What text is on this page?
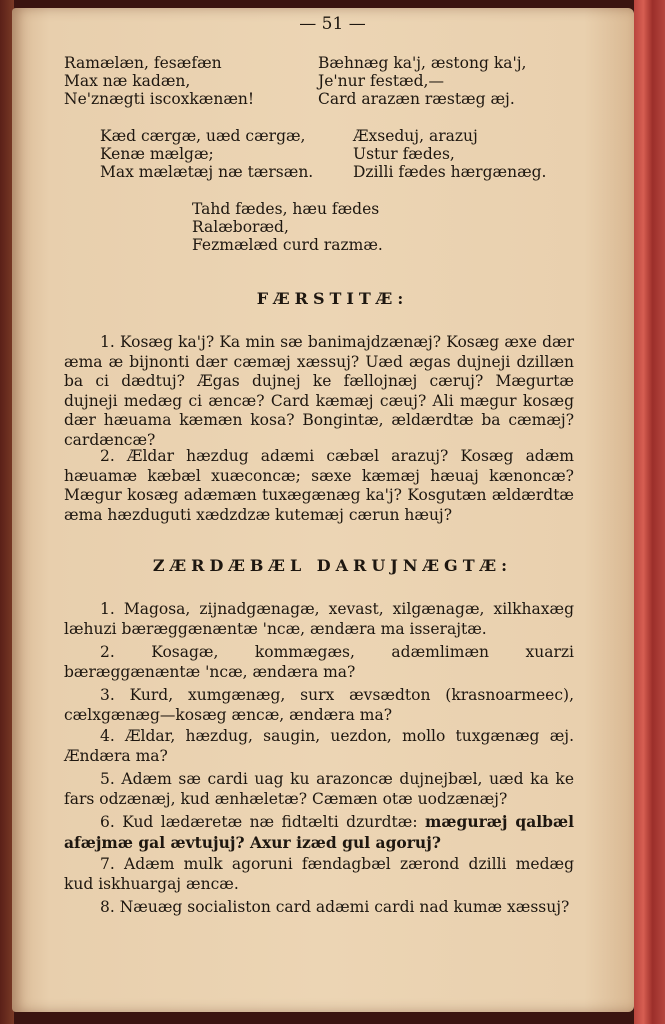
— 51 —
Ramælæn, fesæfæn
Max næ kadæn,
Ne'znægti iscoxkænæn!
Bæhnæg ka'j, æstong ka'j,
Je'nur festæd,—
Card arazæn ræstæg æj.
Kæd cærgæ, uæd cærgæ,
Kenæ mælgæ;
Max mælætæj næ tærsæn.
Æxseduj, arazuj
Ustur fædes,
Dzilli fædes hærgænæg.
Tahd fædes, hæu fædes
Ralæboræd,
Fezmælæd curd razmæ.
FÆRSTITÆ:
1. Kosæg ka'j? Ka min sæ banimajdzænæj? Kosæg æxe dær æma æ bijnonti dær cæmæj xæssuj? Uæd ægas dujneji dzillæn ba ci dædtuj? Ægas dujnej ke fællojnæj cæruj? Mægurtæ dujneji medæg ci æncæ? Card kæmæj cæuj? Ali mægur kosæg dær hæuama kæmæn kosa? Bongintæ, ældærdtæ ba cæmæj? cardæncæ?
2. Ældar hæzdug adæmi cæbæl arazuj? Kosæg adæm hæuamæ kæbæl xuæconcæ; sæxe kæmæj hæuaj kænoncæ? Mægur kosæg adæmæn tuxægænæg ka'j? Kosgutæn ældærdtæ æma hæzduguti xædzdzæ kutemæj cærun hæuj?
ZÆRDÆBÆL DARUJNÆGTÆ:
1. Magosa, zijnadgænagæ, xevast, xilgænagæ, xilkhaxæg læhuzi bæræggænæntæ 'ncæ, ændæra ma isserajtæ.
2. Kosagæ, kommægæs, adæmlimæn xuarzi bæræggænæntæ 'ncæ, ændæra ma?
3. Kurd, xumgænæg, surx ævsædton (krasnoarmeec), cælxgænæg—kosæg æncæ, ændæra ma?
4. Ældar, hæzdug, saugin, uezdon, mollo tuxgænæg æj. Ændæra ma?
5. Adæm sæ cardi uag ku arazoncæ dujnejbæl, uæd ka ke fars odzænæj, kud ænhæletæ? Cæmæn otæ uodzænæj?
6. Kud lædæretæ næ fidtælti dzurdtæ: mæguræj qalbæl afæjmæ gal ævtujuj? Axur izæd gul agoruj?
7. Adæm mulk agoruni fændagbæl zærond dzilli medæg kud iskhuargaj æncæ.
8. Næuæg socialiston card adæmi cardi nad kumæ xæssuj?
